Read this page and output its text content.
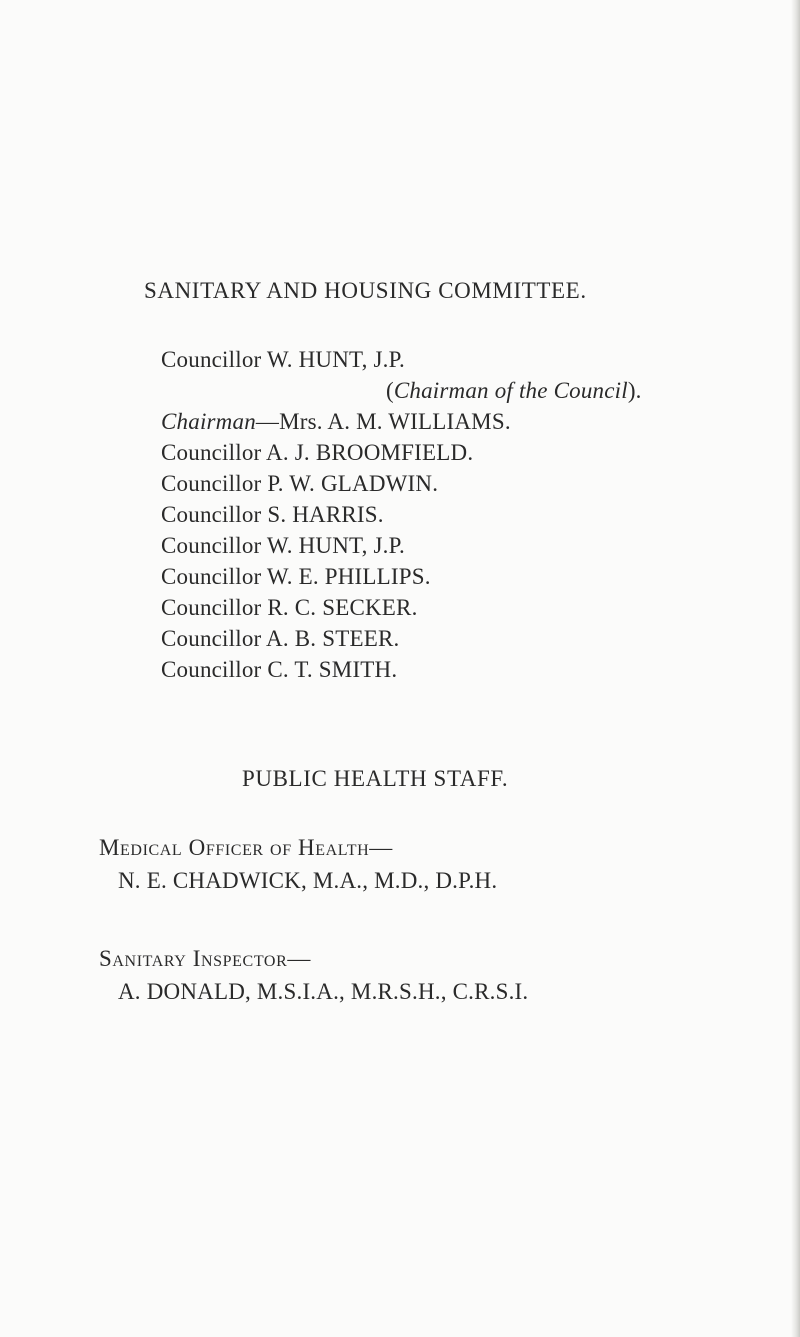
SANITARY AND HOUSING COMMITTEE.
Councillor W. HUNT, J.P.
(Chairman of the Council).
Chairman—Mrs. A. M. WILLIAMS.
Councillor A. J. BROOMFIELD.
Councillor P. W. GLADWIN.
Councillor S. HARRIS.
Councillor W. HUNT, J.P.
Councillor W. E. PHILLIPS.
Councillor R. C. SECKER.
Councillor A. B. STEER.
Councillor C. T. SMITH.
PUBLIC HEALTH STAFF.
Medical Officer of Health—
N. E. CHADWICK, M.A., M.D., D.P.H.
Sanitary Inspector—
A. DONALD, M.S.I.A., M.R.S.H., C.R.S.I.
